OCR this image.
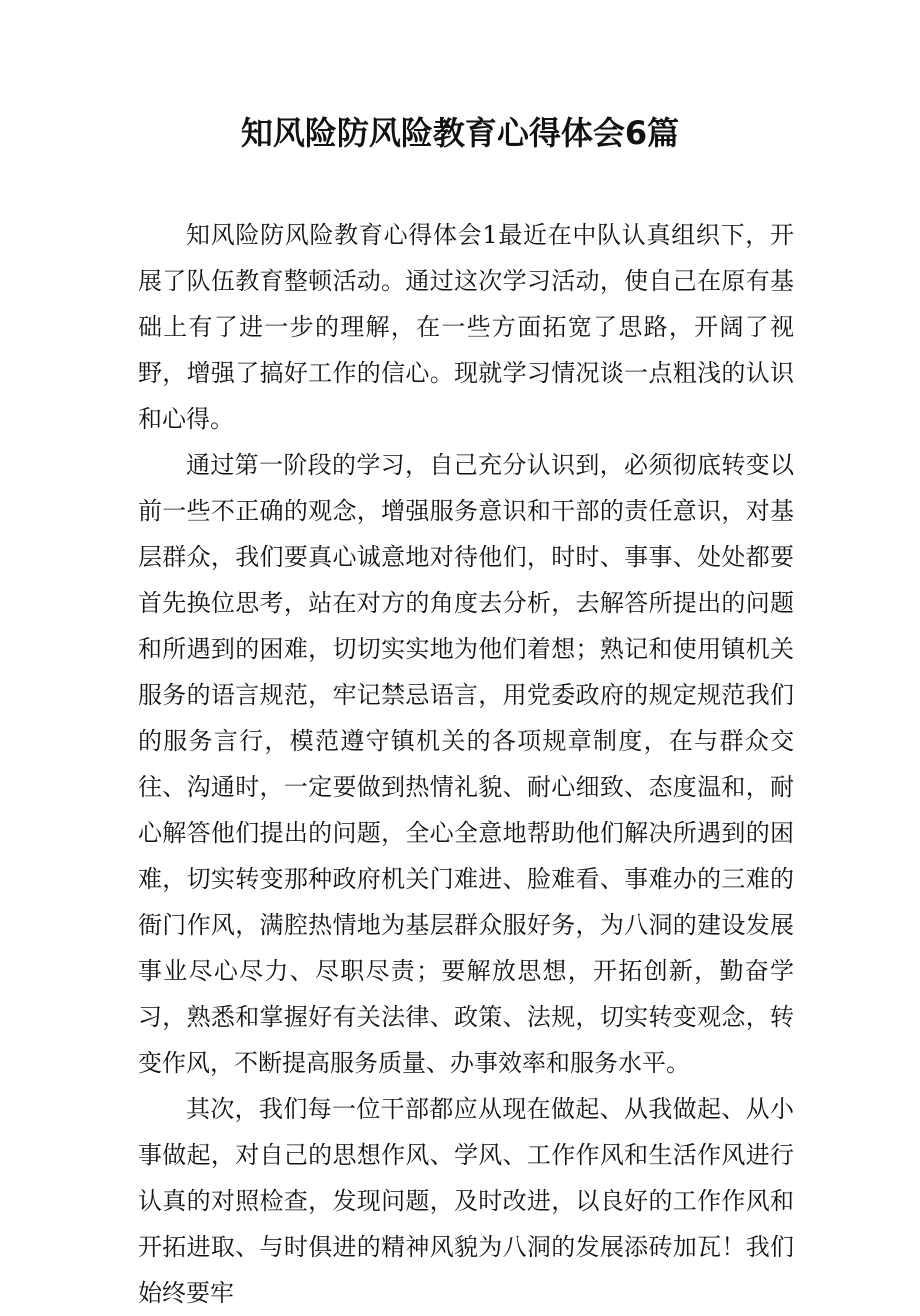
知风险防风险教育心得体会6篇

知风险防风险教育心得体会1最近在中队认真组织下，开展了队伍教育整顿活动。通过这次学习活动，使自己在原有基础上有了进一步的理解，在一些方面拓宽了思路，开阔了视野，增强了搞好工作的信心。现就学习情况谈一点粗浅的认识和心得。

通过第一阶段的学习，自己充分认识到，必须彻底转变以前一些不正确的观念，增强服务意识和干部的责任意识，对基层群众，我们要真心诚意地对待他们，时时、事事、处处都要首先换位思考，站在对方的角度去分析，去解答所提出的问题和所遇到的困难，切切实实地为他们着想；熟记和使用镇机关服务的语言规范，牢记禁忌语言，用党委政府的规定规范我们的服务言行，模范遵守镇机关的各项规章制度，在与群众交往、沟通时，一定要做到热情礼貌、耐心细致、态度温和，耐心解答他们提出的问题，全心全意地帮助他们解决所遇到的困难，切实转变那种政府机关门难进、脸难看、事难办的三难的衙门作风，满腔热情地为基层群众服好务，为八洞的建设发展事业尽心尽力、尽职尽责；要解放思想，开拓创新，勤奋学习，熟悉和掌握好有关法律、政策、法规，切实转变观念，转变作风，不断提高服务质量、办事效率和服务水平。

其次，我们每一位干部都应从现在做起、从我做起、从小事做起，对自己的思想作风、学风、工作作风和生活作风进行认真的对照检查，发现问题，及时改进，以良好的工作作风和开拓进取、与时俱进的精神风貌为八洞的发展添砖加瓦！我们始终要牢
